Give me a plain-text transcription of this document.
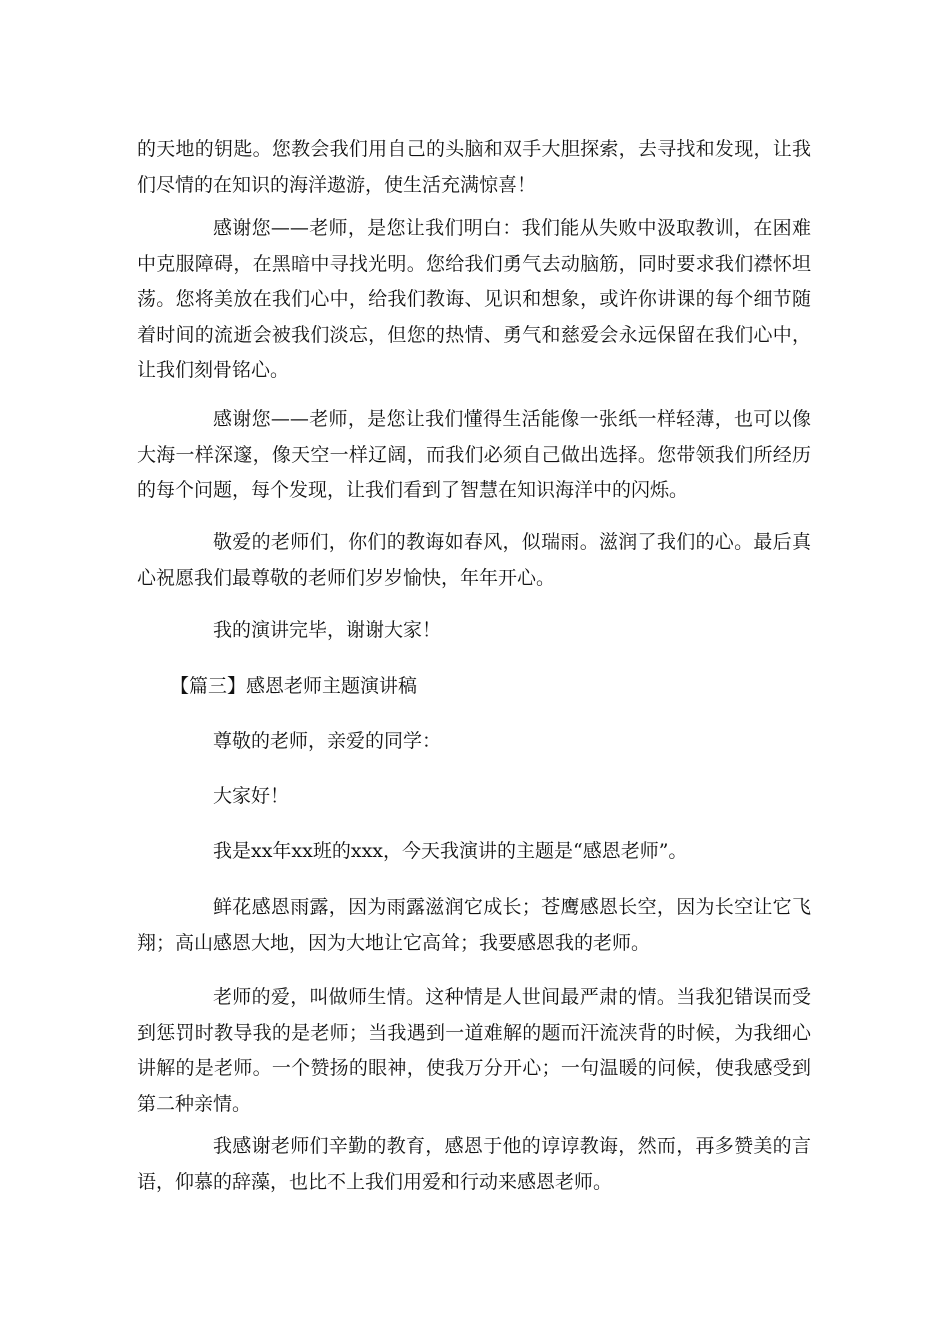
的天地的钥匙。您教会我们用自己的头脑和双手大胆探索，去寻找和发现，让我们尽情的在知识的海洋遨游，使生活充满惊喜！

感谢您——老师，是您让我们明白：我们能从失败中汲取教训，在困难中克服障碍，在黑暗中寻找光明。您给我们勇气去动脑筋，同时要求我们襟怀坦荡。您将美放在我们心中，给我们教诲、见识和想象，或许你讲课的每个细节随着时间的流逝会被我们淡忘，但您的热情、勇气和慈爱会永远保留在我们心中，让我们刻骨铭心。

感谢您——老师，是您让我们懂得生活能像一张纸一样轻薄，也可以像大海一样深邃，像天空一样辽阔，而我们必须自己做出选择。您带领我们所经历的每个问题，每个发现，让我们看到了智慧在知识海洋中的闪烁。

敬爱的老师们，你们的教诲如春风，似瑞雨。滋润了我们的心。最后真心祝愿我们最尊敬的老师们岁岁愉快，年年开心。

我的演讲完毕，谢谢大家！

【篇三】感恩老师主题演讲稿

尊敬的老师，亲爱的同学：

大家好！

我是xx年xx班的xxx，今天我演讲的主题是“感恩老师”。

鲜花感恩雨露，因为雨露滋润它成长；苍鹰感恩长空，因为长空让它飞翔；高山感恩大地，因为大地让它高耸；我要感恩我的老师。

老师的爱，叫做师生情。这种情是人世间最严肃的情。当我犯错误而受到惩罚时教导我的是老师；当我遇到一道难解的题而汗流浃背的时候，为我细心讲解的是老师。一个赞扬的眼神，使我万分开心；一句温暖的问候，使我感受到第二种亲情。

我感谢老师们辛勤的教育，感恩于他的谆谆教诲，然而，再多赞美的言语，仰慕的辞藻，也比不上我们用爱和行动来感恩老师。
